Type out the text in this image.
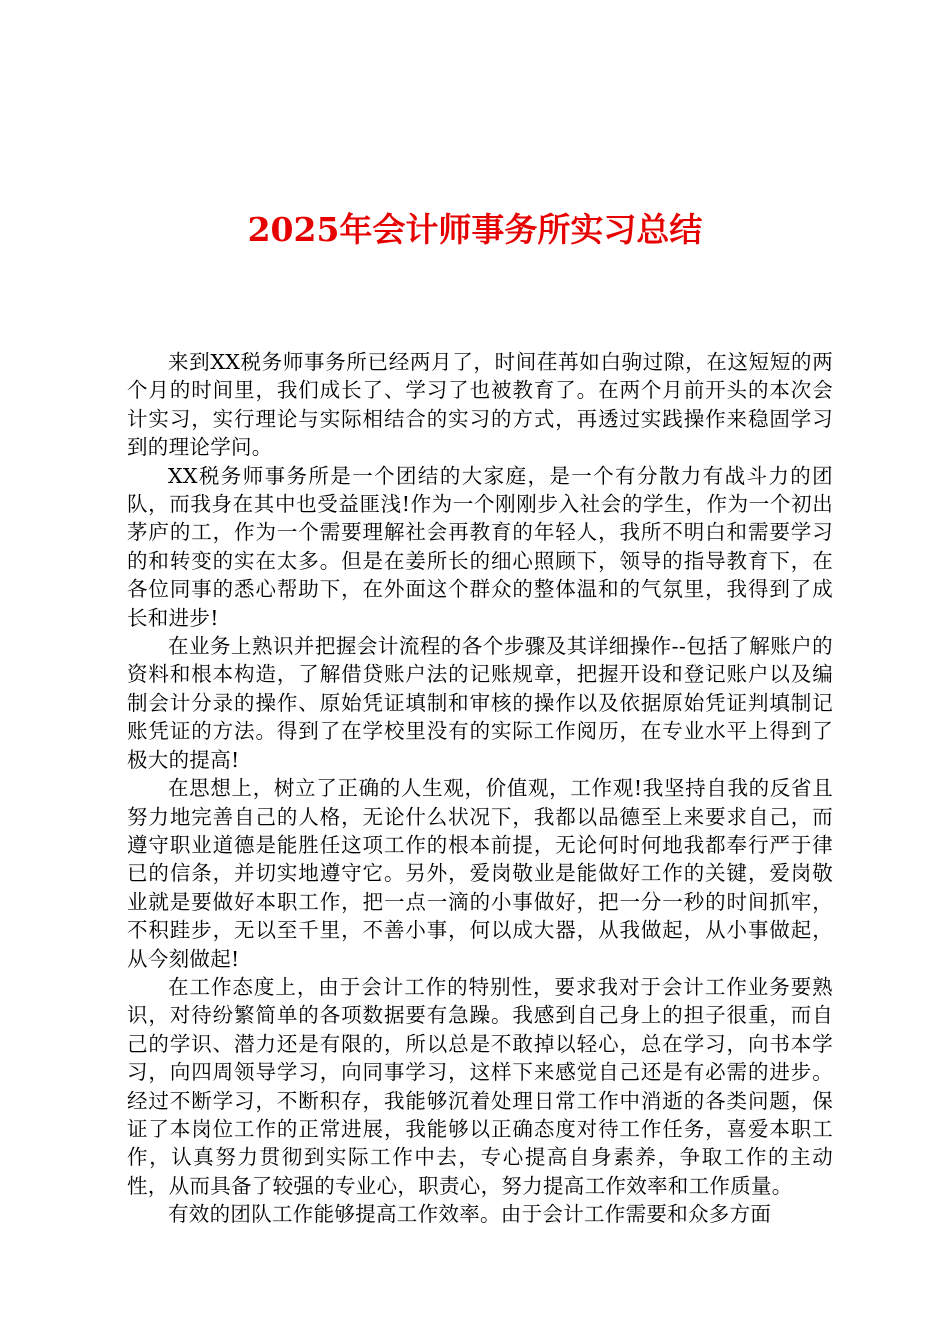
2025年会计师事务所实习总结

来到XX税务师事务所已经两月了，时间荏苒如白驹过隙，在这短短的两个月的时间里，我们成长了、学习了也被教育了。在两个月前开头的本次会计实习，实行理论与实际相结合的实习的方式，再透过实践操作来稳固学习到的理论学问。

XX税务师事务所是一个团结的大家庭，是一个有分散力有战斗力的团队，而我身在其中也受益匪浅!作为一个刚刚步入社会的学生，作为一个初出茅庐的工，作为一个需要理解社会再教育的年轻人，我所不明白和需要学习的和转变的实在太多。但是在姜所长的细心照顾下，领导的指导教育下，在各位同事的悉心帮助下，在外面这个群众的整体温和的气氛里，我得到了成长和进步!

在业务上熟识并把握会计流程的各个步骤及其详细操作--包括了解账户的资料和根本构造，了解借贷账户法的记账规章，把握开设和登记账户以及编制会计分录的操作、原始凭证填制和审核的操作以及依据原始凭证判填制记账凭证的方法。得到了在学校里没有的实际工作阅历，在专业水平上得到了极大的提高!

在思想上，树立了正确的人生观，价值观，工作观!我坚持自我的反省且努力地完善自己的人格，无论什么状况下，我都以品德至上来要求自己，而遵守职业道德是能胜任这项工作的根本前提，无论何时何地我都奉行严于律已的信条，并切实地遵守它。另外，爱岗敬业是能做好工作的关键，爱岗敬业就是要做好本职工作，把一点一滴的小事做好，把一分一秒的时间抓牢，不积跬步，无以至千里，不善小事，何以成大器，从我做起，从小事做起，从今刻做起!

在工作态度上，由于会计工作的特别性，要求我对于会计工作业务要熟识，对待纷繁简单的各项数据要有急躁。我感到自己身上的担子很重，而自己的学识、潜力还是有限的，所以总是不敢掉以轻心，总在学习，向书本学习，向四周领导学习，向同事学习，这样下来感觉自己还是有必需的进步。经过不断学习，不断积存，我能够沉着处理日常工作中消逝的各类问题，保证了本岗位工作的正常进展，我能够以正确态度对待工作任务，喜爱本职工作，认真努力贯彻到实际工作中去，专心提高自身素养，争取工作的主动性，从而具备了较强的专业心，职责心，努力提高工作效率和工作质量。

有效的团队工作能够提高工作效率。由于会计工作需要和众多方面
